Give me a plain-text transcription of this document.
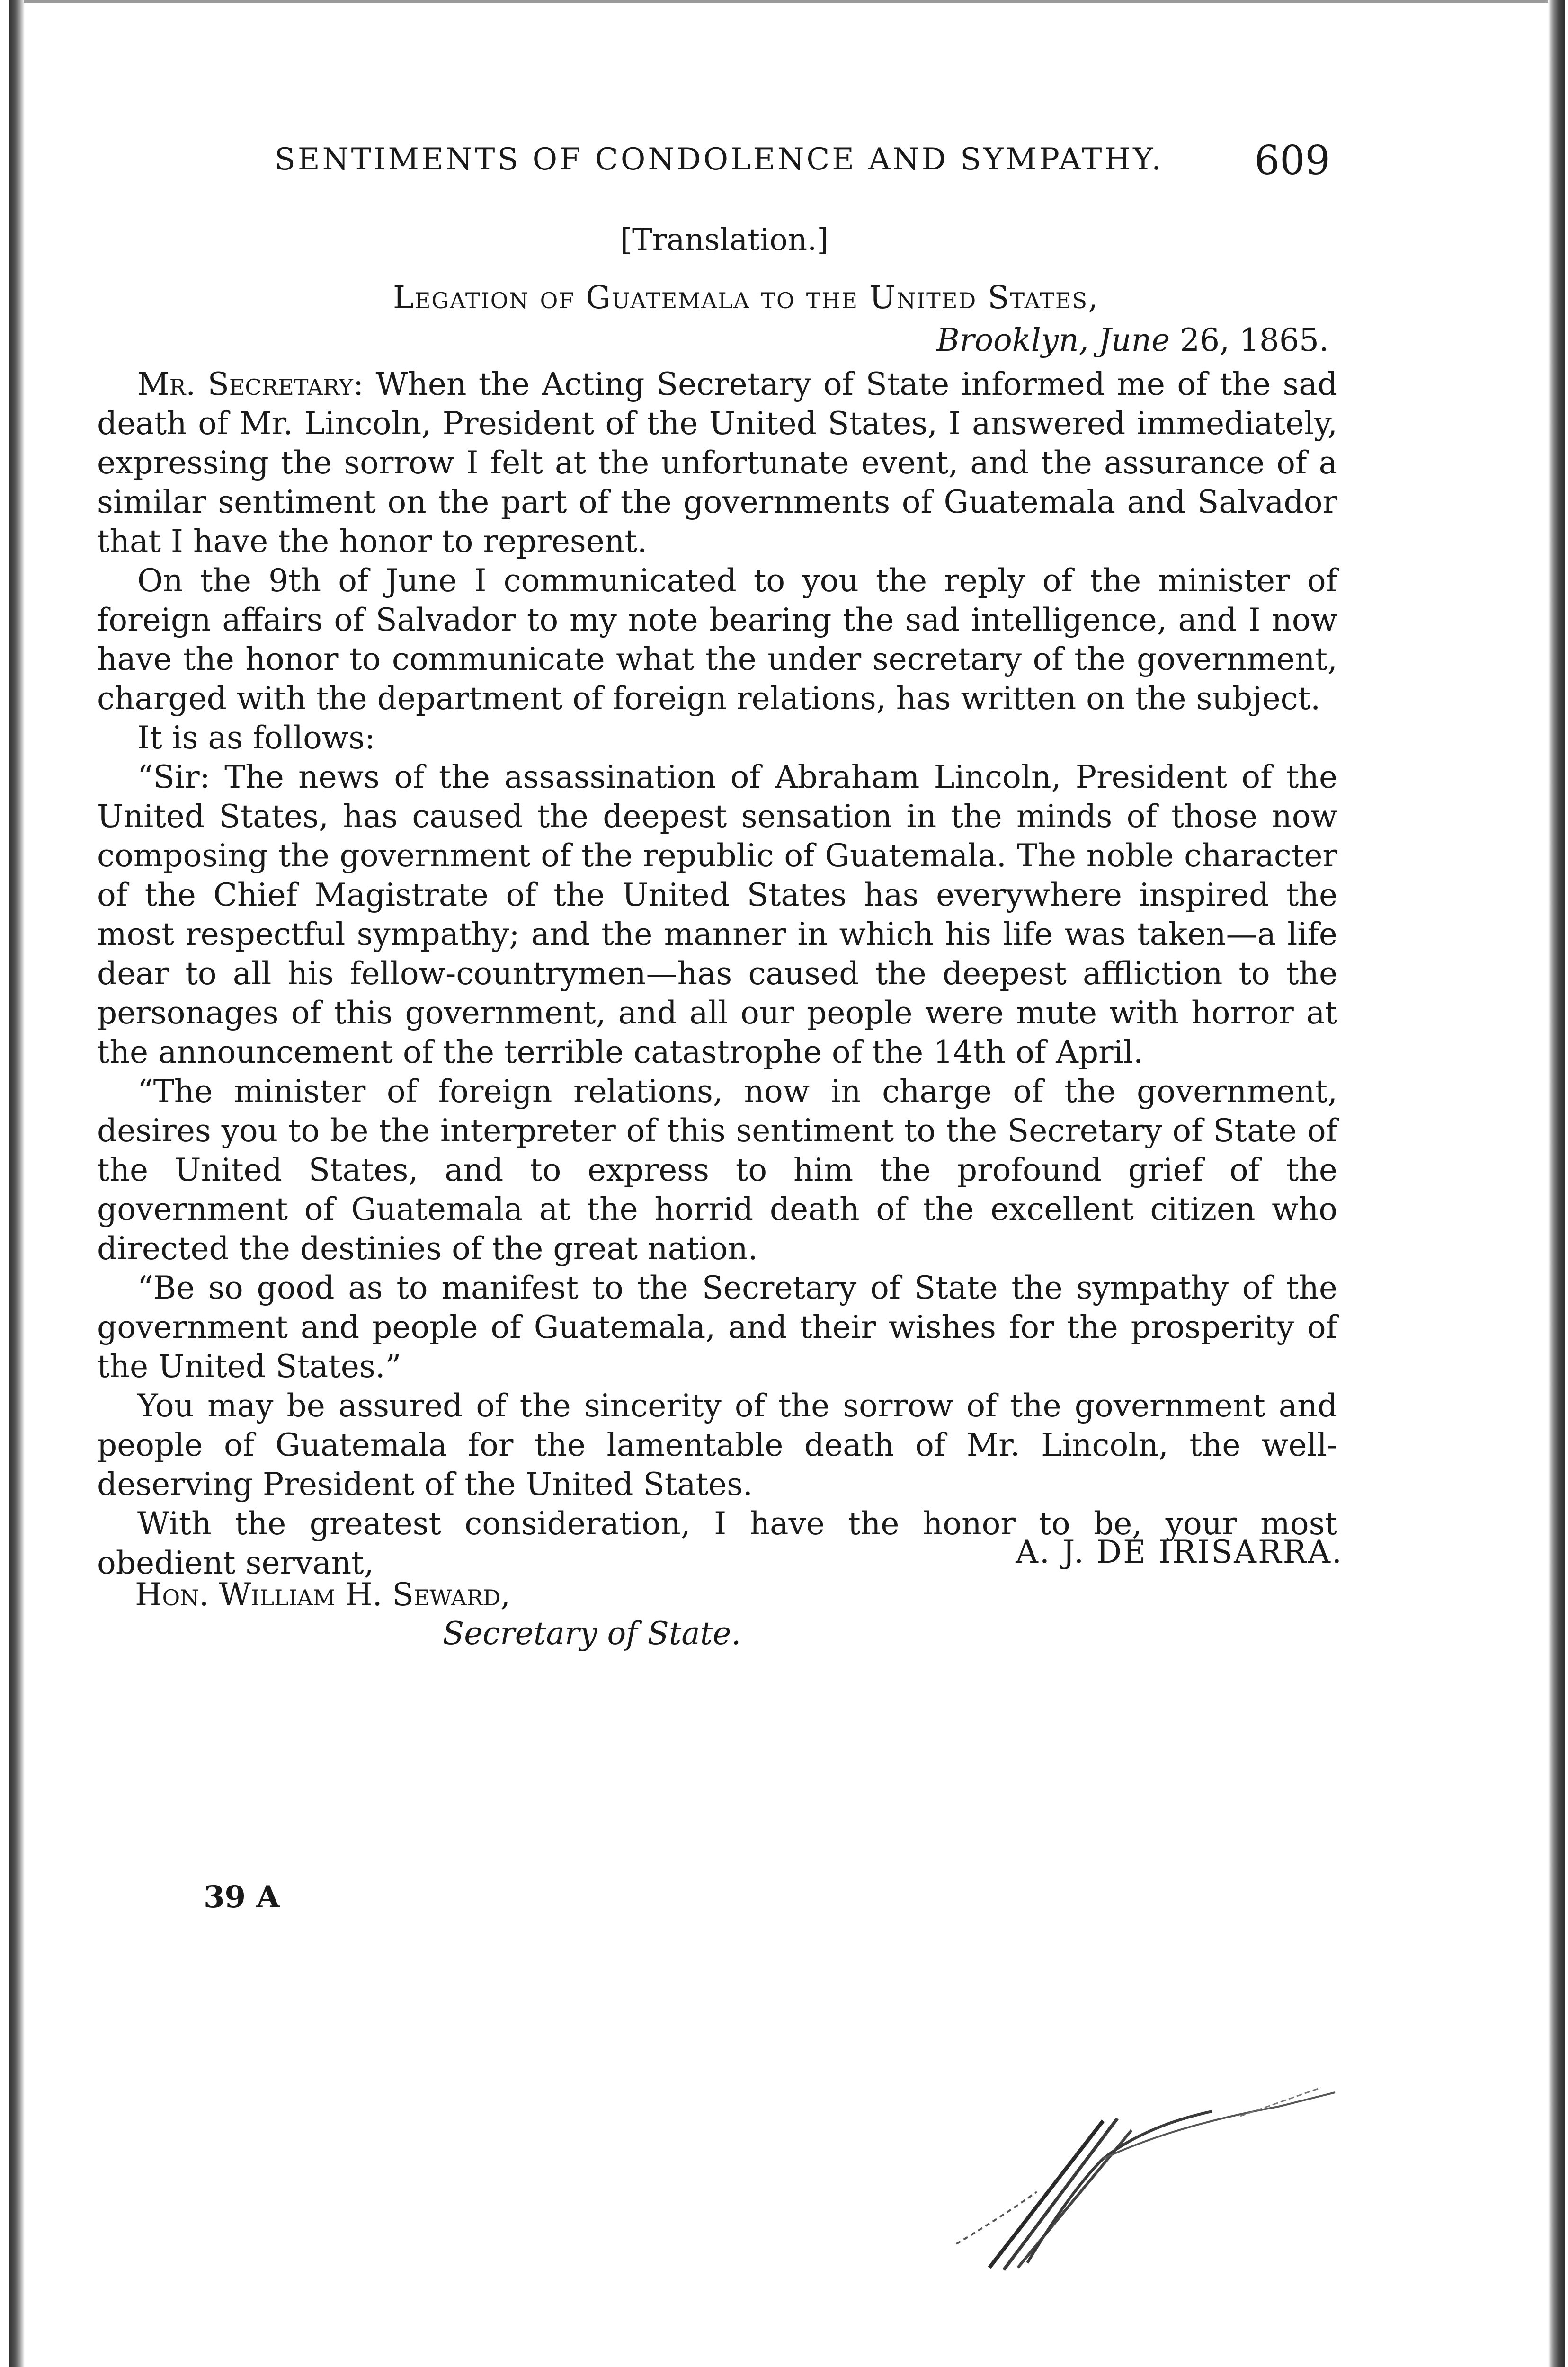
SENTIMENTS OF CONDOLENCE AND SYMPATHY. 609
[Translation.]
Legation of Guatemala to the United States,
Brooklyn, June 26, 1865.

Mr. Secretary: When the Acting Secretary of State informed me of the sad death of Mr. Lincoln, President of the United States, I answered immediately, expressing the sorrow I felt at the unfortunate event, and the assurance of a similar sentiment on the part of the governments of Guatemala and Salvador that I have the honor to represent.

On the 9th of June I communicated to you the reply of the minister of foreign affairs of Salvador to my note bearing the sad intelligence, and I now have the honor to communicate what the under secretary of the government, charged with the department of foreign relations, has written on the subject.

It is as follows:

“Sir: The news of the assassination of Abraham Lincoln, President of the United States, has caused the deepest sensation in the minds of those now composing the government of the republic of Guatemala. The noble character of the Chief Magistrate of the United States has everywhere inspired the most respectful sympathy; and the manner in which his life was taken—a life dear to all his fellow-countrymen—has caused the deepest affliction to the personages of this government, and all our people were mute with horror at the announcement of the terrible catastrophe of the 14th of April.

“The minister of foreign relations, now in charge of the government, desires you to be the interpreter of this sentiment to the Secretary of State of the United States, and to express to him the profound grief of the government of Guatemala at the horrid death of the excellent citizen who directed the destinies of the great nation.

“Be so good as to manifest to the Secretary of State the sympathy of the government and people of Guatemala, and their wishes for the prosperity of the United States.”

You may be assured of the sincerity of the sorrow of the government and people of Guatemala for the lamentable death of Mr. Lincoln, the well-deserving President of the United States.

With the greatest consideration, I have the honor to be, your most obedient servant,	A. J. DE IRISARRA.
Hon. William H. Seward,
Secretary of State.
39 A
